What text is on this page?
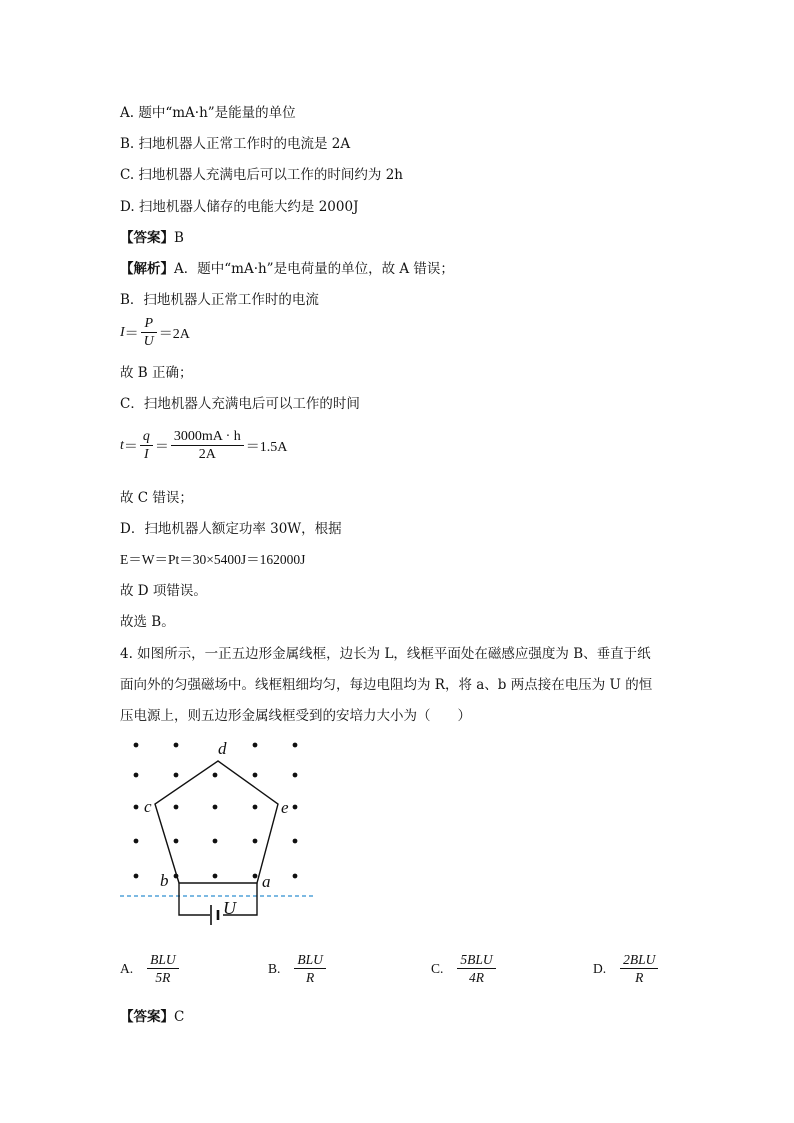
A. 题中“mA·h”是能量的单位
B. 扫地机器人正常工作时的电流是 2A
C. 扫地机器人充满电后可以工作的时间约为 2h
D. 扫地机器人储存的电能大约是 2000J
【答案】B
【解析】A．题中“mA·h”是电荷量的单位，故 A 错误；
B．扫地机器人正常工作时的电流
$I = \frac{P}{U} =2A$
故 B 正确；
C．扫地机器人充满电后可以工作的时间
$t = \frac{q}{I} = \frac{3000mA \cdot h}{2A} =1.5A$
故 C 错误；
D．扫地机器人额定功率 30W，根据
E＝W＝Pt＝30×5400J＝162000J
故 D 项错误。
故选 B。
4. 如图所示，一正五边形金属线框，边长为 L，线框平面处在磁感应强度为 B、垂直于纸
面向外的匀强磁场中。线框粗细均匀，每边电阻均为 R，将 a、b 两点接在电压为 U 的恒
压电源上，则五边形金属线框受到的安培力大小为（　　）
d
c	e
b	a
U
A. $\frac{\text{BLU}}{5R}$	B. $\frac{\text{BLU}}{R}$	C. $\frac{\text{5BLU}}{4R}$	D. $\frac{\text{2BLU}}{R}$
【答案】C
